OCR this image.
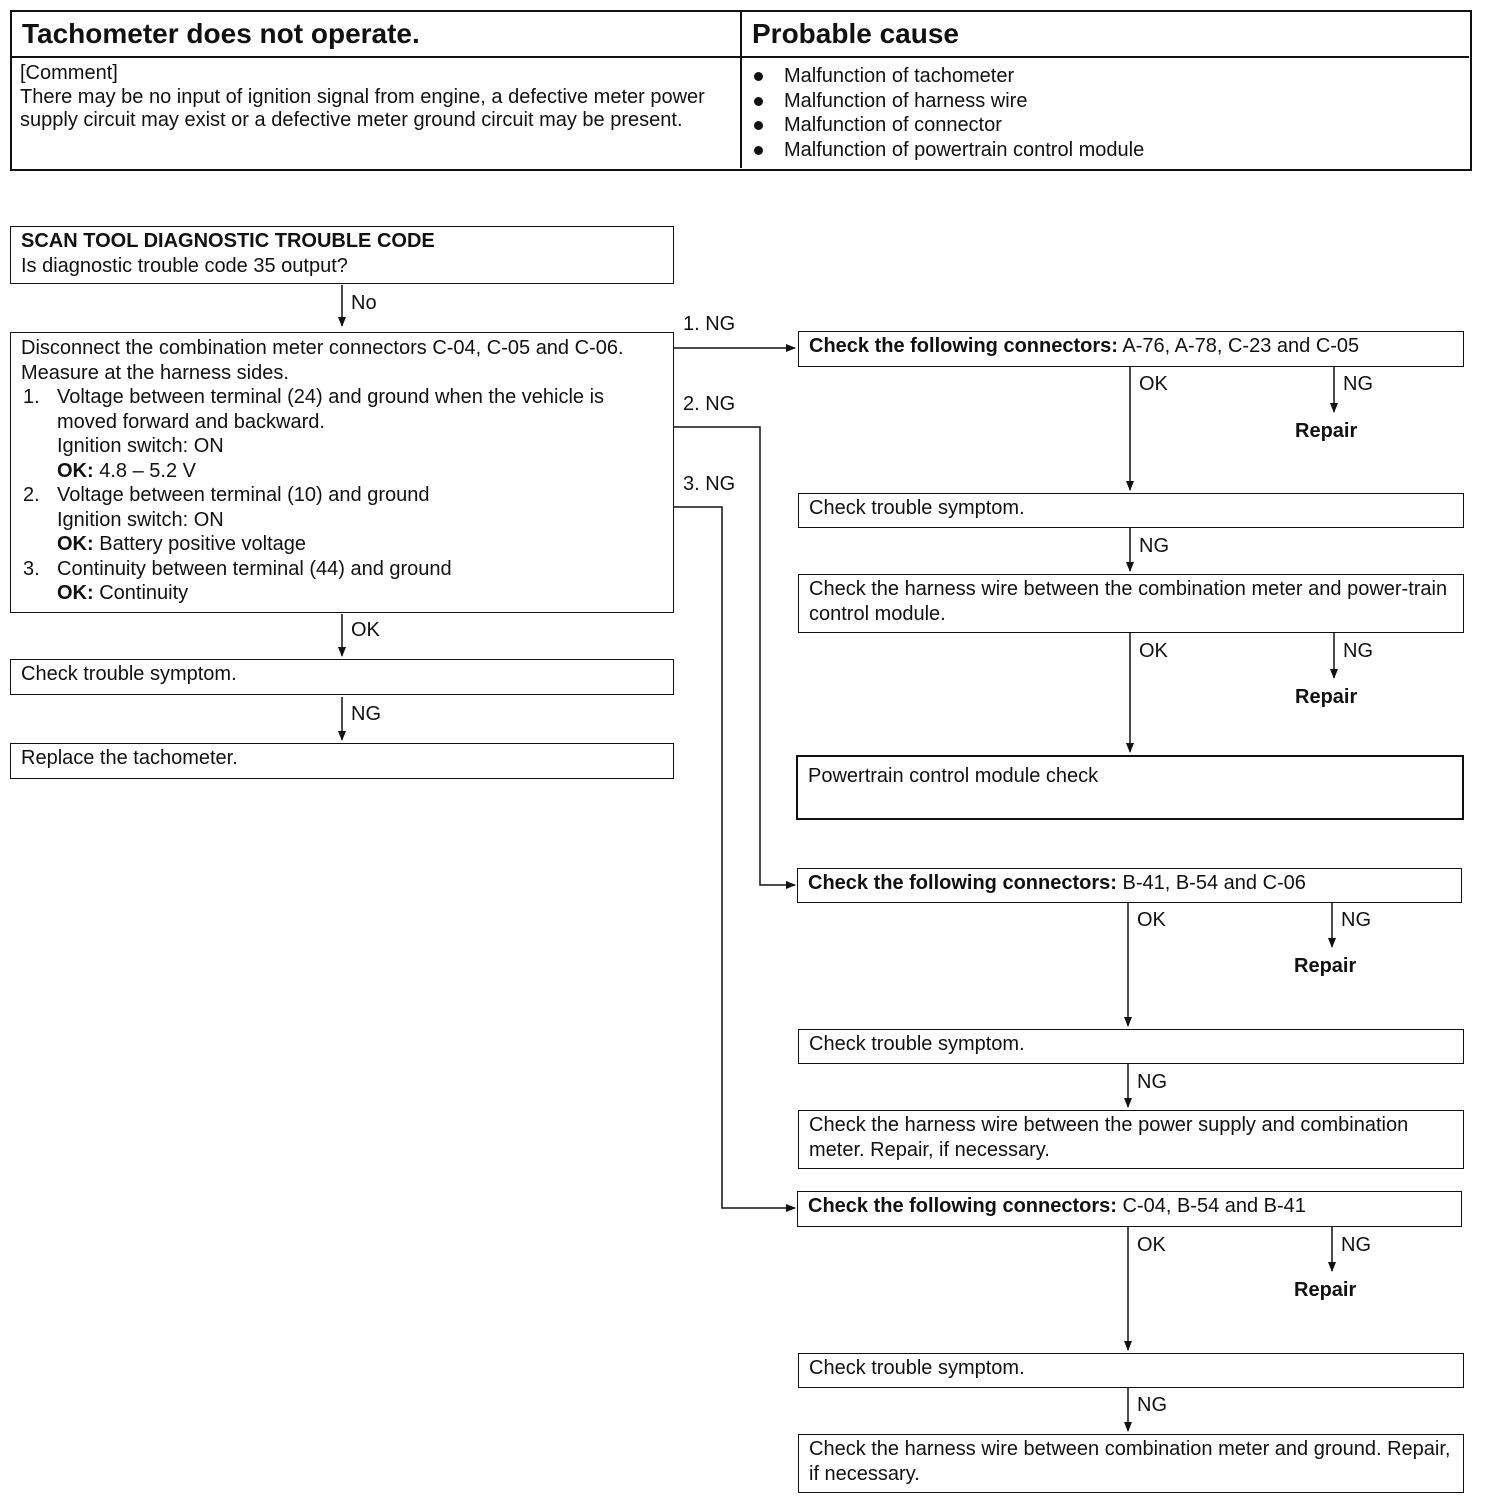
Tachometer does not operate.	Probable cause
[Comment]
There may be no input of ignition signal from engine, a defective meter power supply circuit may exist or a defective meter ground circuit may be present.
Malfunction of tachometer
Malfunction of harness wire
Malfunction of connector
Malfunction of powertrain control module
SCAN TOOL DIAGNOSTIC TROUBLE CODE
Is diagnostic trouble code 35 output?
No
Disconnect the combination meter connectors C-04, C-05 and C-06. Measure at the harness sides.
1. Voltage between terminal (24) and ground when the vehicle is moved forward and backward.
Ignition switch: ON
OK: 4.8 – 5.2 V
2. Voltage between terminal (10) and ground
Ignition switch: ON
OK: Battery positive voltage
3. Continuity between terminal (44) and ground
OK: Continuity
OK
Check trouble symptom.
NG
Replace the tachometer.
1. NG
2. NG
3. NG
Check the following connectors: A-76, A-78, C-23 and C-05
OK	NG
Repair
Check trouble symptom.
NG
Check the harness wire between the combination meter and power-train control module.
OK	NG
Repair
Powertrain control module check
Check the following connectors: B-41, B-54 and C-06
OK	NG
Repair
Check trouble symptom.
NG
Check the harness wire between the power supply and combination meter. Repair, if necessary.
Check the following connectors: C-04, B-54 and B-41
OK	NG
Repair
Check trouble symptom.
NG
Check the harness wire between combination meter and ground. Repair, if necessary.
